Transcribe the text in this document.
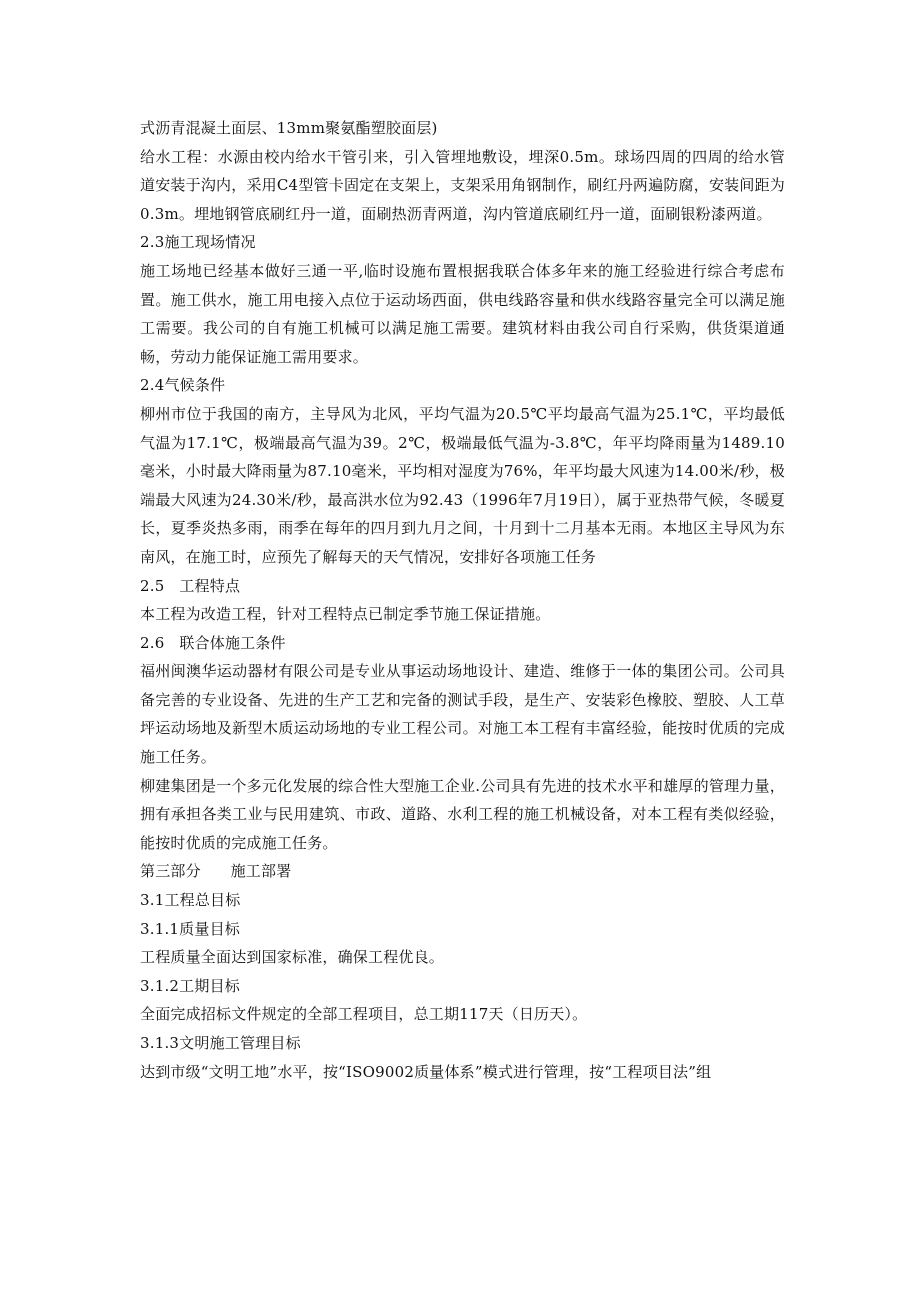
式沥青混凝土面层、13mm聚氨酯塑胶面层)

给水工程：水源由校内给水干管引来，引入管埋地敷设，埋深0.5m。球场四周的四周的给水管道安装于沟内，采用C4型管卡固定在支架上，支架采用角钢制作，刷红丹两遍防腐，安装间距为0.3m。埋地钢管底刷红丹一道，面刷热沥青两道，沟内管道底刷红丹一道，面刷银粉漆两道。

2.3施工现场情况

施工场地已经基本做好三通一平,临时设施布置根据我联合体多年来的施工经验进行综合考虑布置。施工供水，施工用电接入点位于运动场西面，供电线路容量和供水线路容量完全可以满足施工需要。我公司的自有施工机械可以满足施工需要。建筑材料由我公司自行采购，供货渠道通畅，劳动力能保证施工需用要求。

2.4气候条件

柳州市位于我国的南方，主导风为北风，平均气温为20.5℃平均最高气温为25.1℃，平均最低气温为17.1℃，极端最高气温为39。2℃，极端最低气温为-3.8℃，年平均降雨量为1489.10毫米，小时最大降雨量为87.10毫米，平均相对湿度为76%，年平均最大风速为14.00米/秒，极端最大风速为24.30米/秒，最高洪水位为92.43（1996年7月19日），属于亚热带气候，冬暖夏长，夏季炎热多雨，雨季在每年的四月到九月之间，十月到十二月基本无雨。本地区主导风为东南风，在施工时，应预先了解每天的天气情况，安排好各项施工任务

2.5   工程特点

本工程为改造工程，针对工程特点已制定季节施工保证措施。

2.6   联合体施工条件

福州闽澳华运动器材有限公司是专业从事运动场地设计、建造、维修于一体的集团公司。公司具备完善的专业设备、先进的生产工艺和完备的测试手段，是生产、安装彩色橡胶、塑胶、人工草坪运动场地及新型木质运动场地的专业工程公司。对施工本工程有丰富经验，能按时优质的完成施工任务。

柳建集团是一个多元化发展的综合性大型施工企业.公司具有先进的技术水平和雄厚的管理力量，拥有承担各类工业与民用建筑、市政、道路、水利工程的施工机械设备，对本工程有类似经验，能按时优质的完成施工任务。

第三部分      施工部署

3.1工程总目标

3.1.1质量目标

工程质量全面达到国家标准，确保工程优良。

3.1.2工期目标

全面完成招标文件规定的全部工程项目，总工期117天（日历天）。

3.1.3文明施工管理目标

达到市级“文明工地”水平，按“ISO9002质量体系”模式进行管理，按“工程项目法”组
